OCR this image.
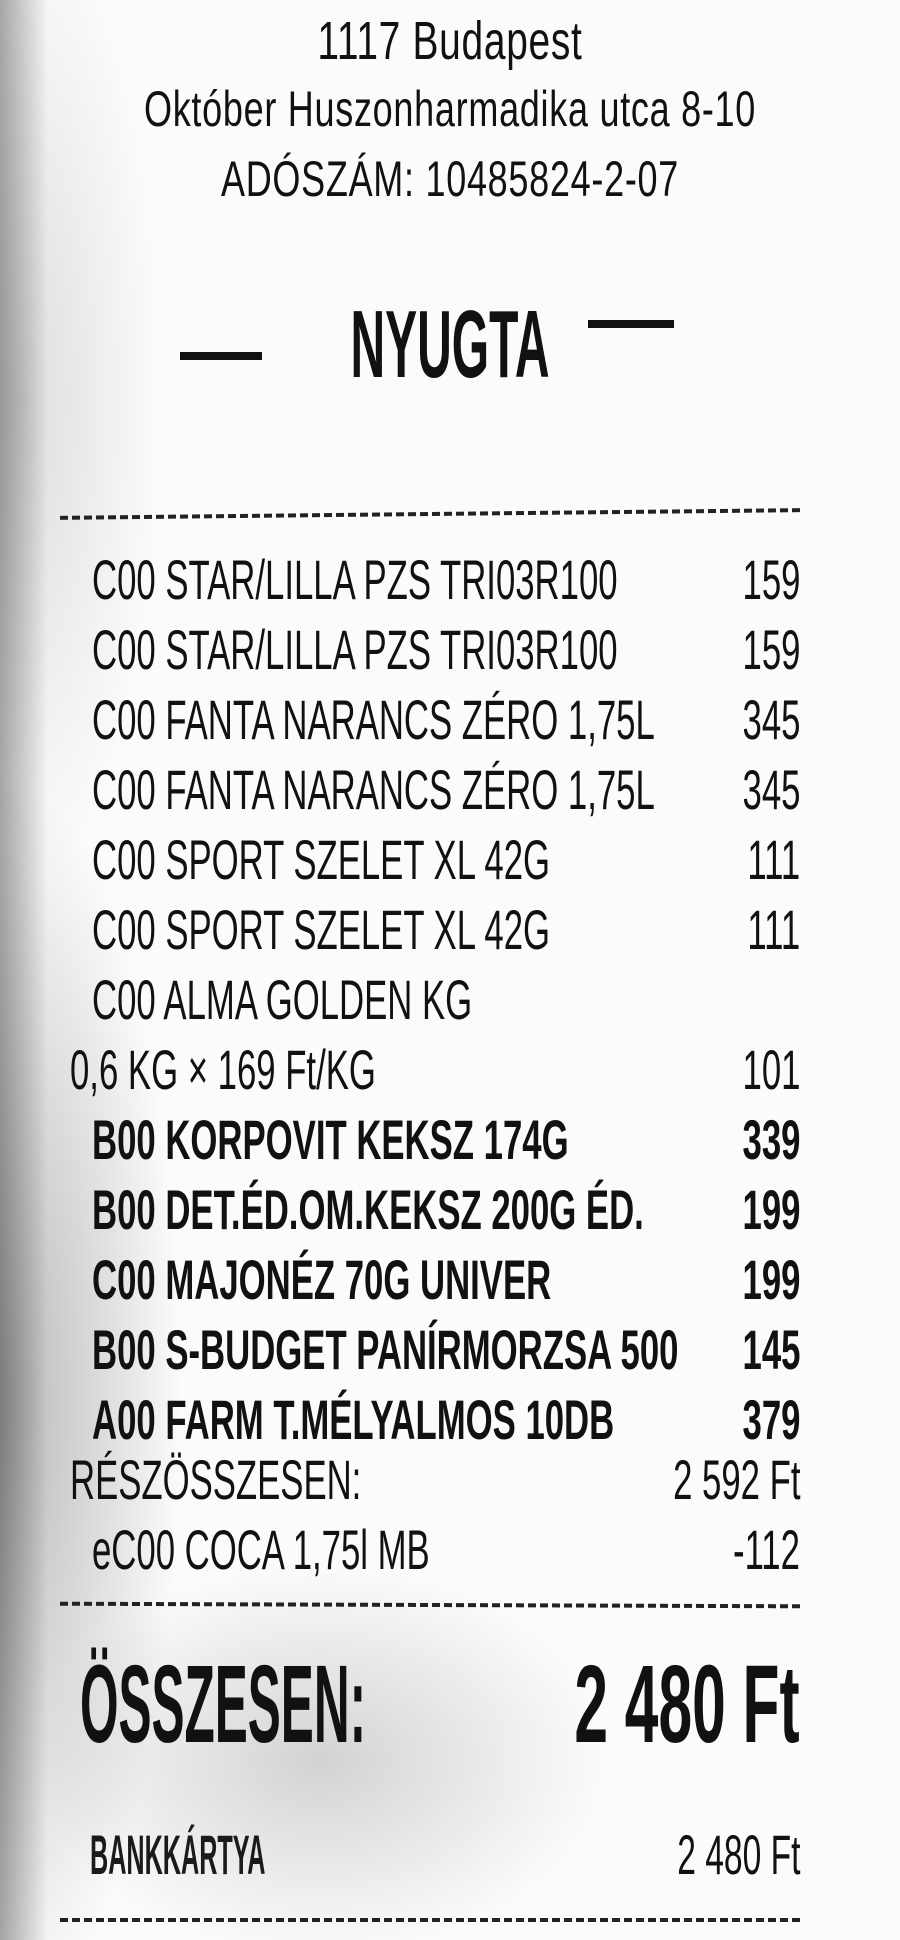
1117 Budapest
Október Huszonharmadika utca 8-10
ADÓSZÁM: 10485824-2-07
NYUGTA
C00 STAR/LILLA PZS TRI03R100 159
C00 STAR/LILLA PZS TRI03R100 159
C00 FANTA NARANCS ZÉRO 1,75L 345
C00 FANTA NARANCS ZÉRO 1,75L 345
C00 SPORT SZELET XL 42G	111
C00 SPORT SZELET XL 42G	111
C00 ALMA GOLDEN KG
0,6 KG × 169 Ft/KG	101
B00 KORPOVIT KEKSZ 174G	339
B00 DET.ÉD.OM.KEKSZ 200G ÉD. 199
C00 MAJONÉZ 70G UNIVER	199
B00 S-BUDGET PANÍRMORZSA 500 145
A00 FARM T.MÉLYALMOS 10DB 379
RÉSZÖSSZESEN:	2 592 Ft
eC00 COCA 1,75l MB	-112
ÖSSZESEN: 2 480 Ft
BANKKÁRTYA	2 480 Ft
